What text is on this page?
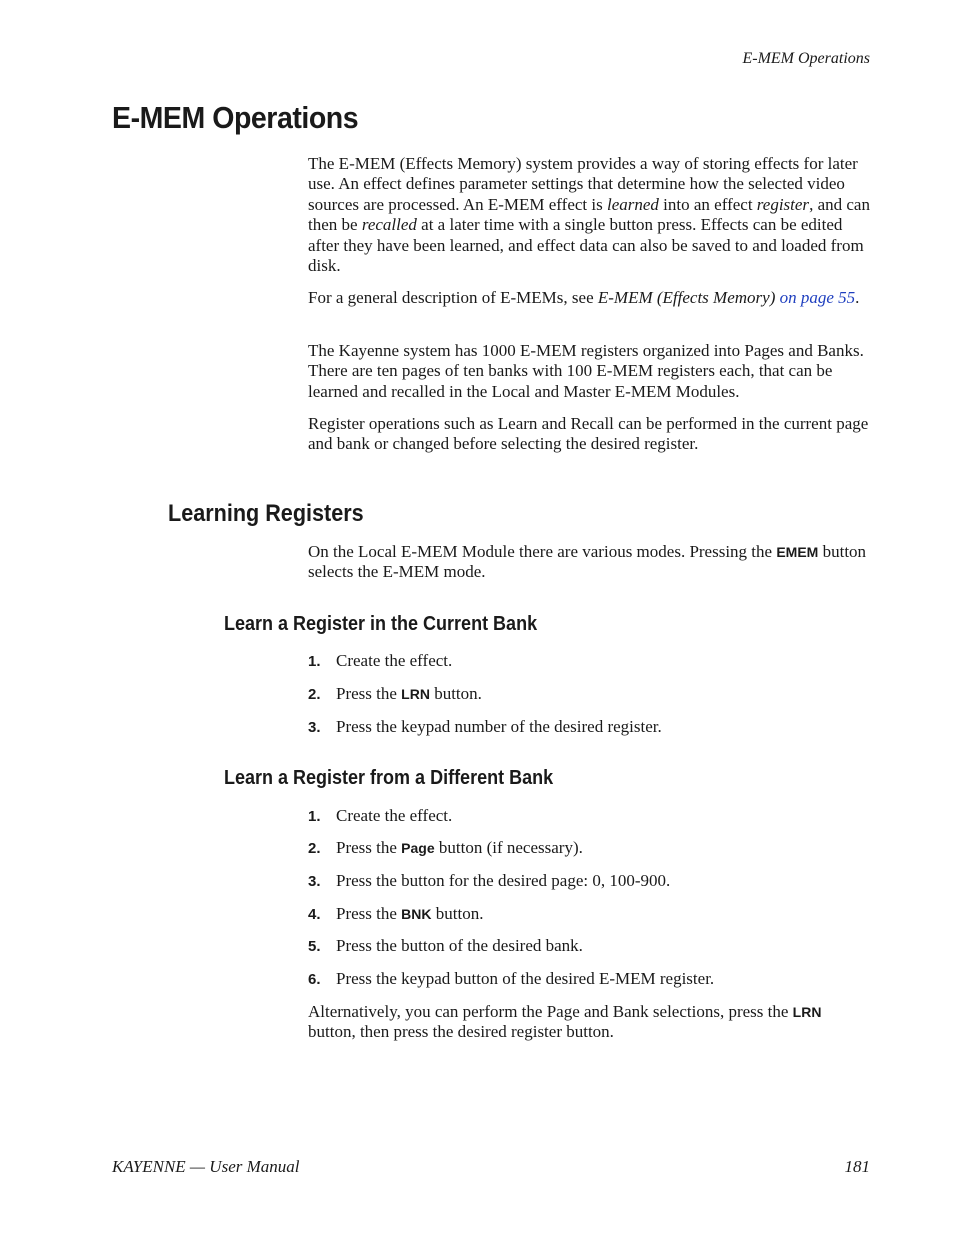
E-MEM Operations
E-MEM Operations

The E-MEM (Effects Memory) system provides a way of storing effects for later use. An effect defines parameter settings that determine how the selected video sources are processed. An E-MEM effect is learned into an effect register, and can then be recalled at a later time with a single button press. Effects can be edited after they have been learned, and effect data can also be saved to and loaded from disk.

For a general description of E-MEMs, see E-MEM (Effects Memory) on page 55.

The Kayenne system has 1000 E-MEM registers organized into Pages and Banks. There are ten pages of ten banks with 100 E-MEM registers each, that can be learned and recalled in the Local and Master E-MEM Modules.

Register operations such as Learn and Recall can be performed in the current page and bank or changed before selecting the desired register.

Learning Registers

On the Local E-MEM Module there are various modes. Pressing the EMEM button selects the E-MEM mode.

Learn a Register in the Current Bank
1. Create the effect.
2. Press the LRN button.
3. Press the keypad number of the desired register.
Learn a Register from a Different Bank
1. Create the effect.
2. Press the Page button (if necessary).
3. Press the button for the desired page: 0, 100-900.
4. Press the BNK button.
5. Press the button of the desired bank.
6. Press the keypad button of the desired E-MEM register.

Alternatively, you can perform the Page and Bank selections, press the LRN button, then press the desired register button.

KAYENNE — User Manual	181
